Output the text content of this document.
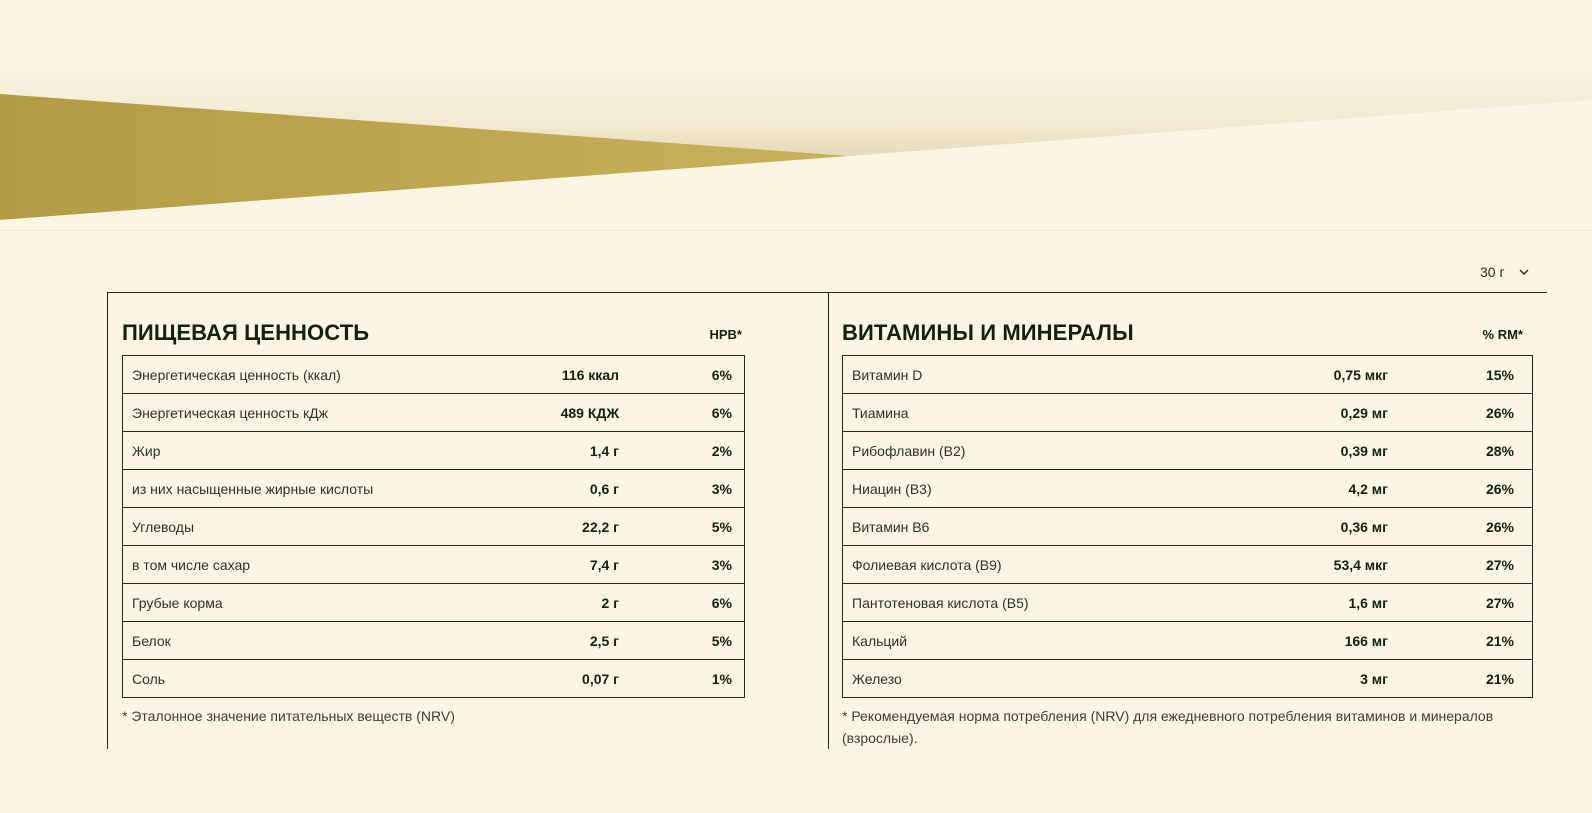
30 г
ПИЩЕВАЯ ЦЕННОСТЬ	НРВ*
Энергетическая ценность (ккал)	116 ккал	6%
Энергетическая ценность кДж	489 КДЖ	6%
Жир	1,4 г	2%
из них насыщенные жирные кислоты	0,6 г	3%
Углеводы	22,2 г	5%
в том числе сахар	7,4 г	3%
Грубые корма	2 г	6%
Белок	2,5 г	5%
Соль	0,07 г	1%
* Эталонное значение питательных веществ (NRV)
ВИТАМИНЫ И МИНЕРАЛЫ	% RM*
Витамин D	0,75 мкг	15%
Тиамина	0,29 мг	26%
Рибофлавин (В2)	0,39 мг	28%
Ниацин (B3)	4,2 мг	26%
Витамин B6	0,36 мг	26%
Фолиевая кислота (B9)	53,4 мкг	27%
Пантотеновая кислота (B5)	1,6 мг	27%
Кальций	166 мг	21%
Железо	3 мг	21%
* Рекомендуемая норма потребления (NRV) для ежедневного потребления витаминов и минералов
(взрослые).
